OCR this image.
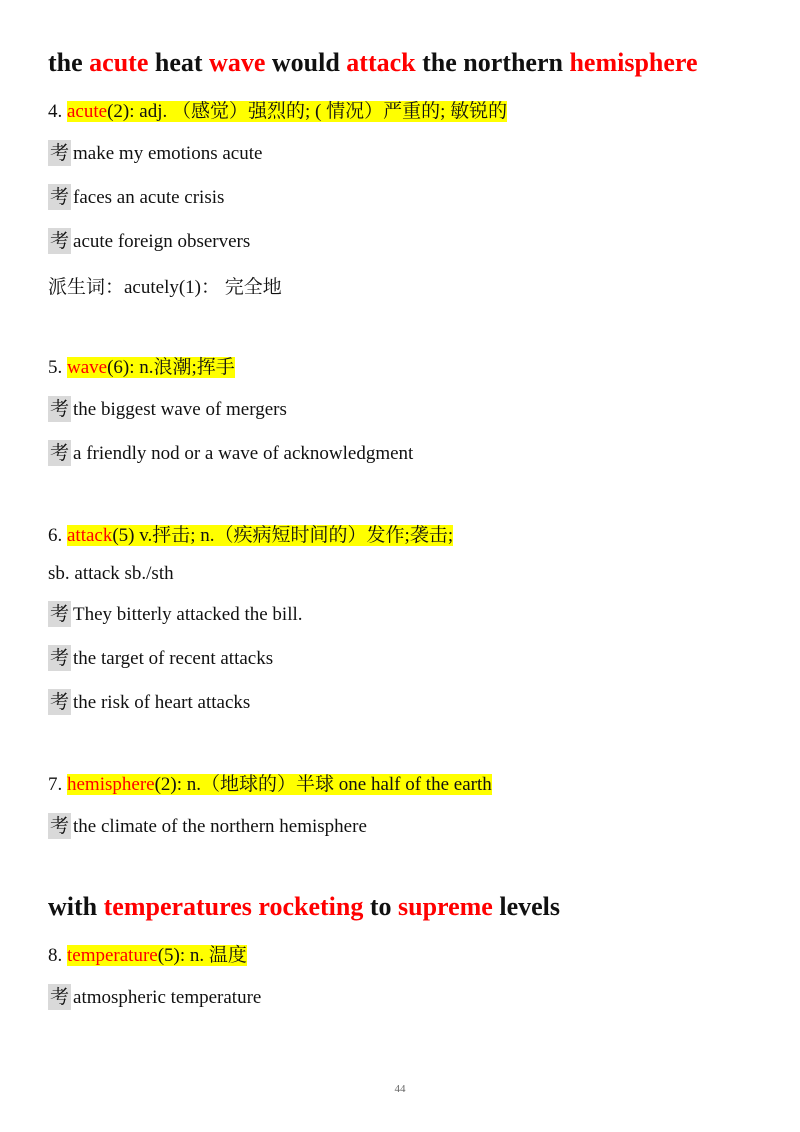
the acute heat wave would attack the northern hemisphere
4. acute(2): adj. （感觉）强烈的; ( 情况）严重的; 敏锐的
考 make my emotions acute
考 faces an acute crisis
考 acute foreign observers
派生词：acutely(1)： 完全地
5. wave(6): n.浪潮;挥手
考 the biggest wave of mergers
考 a friendly nod or a wave of acknowledgment
6. attack(5) v.抨击; n.（疾病短时间的）发作;袭击;
sb. attack sb./sth
考 They bitterly attacked the bill.
考 the target of recent attacks
考 the risk of heart attacks
7. hemisphere(2): n.（地球的）半球 one half of the earth
考 the climate of the northern hemisphere
with temperatures rocketing to supreme levels
8. temperature(5): n. 温度
考 atmospheric temperature
44
